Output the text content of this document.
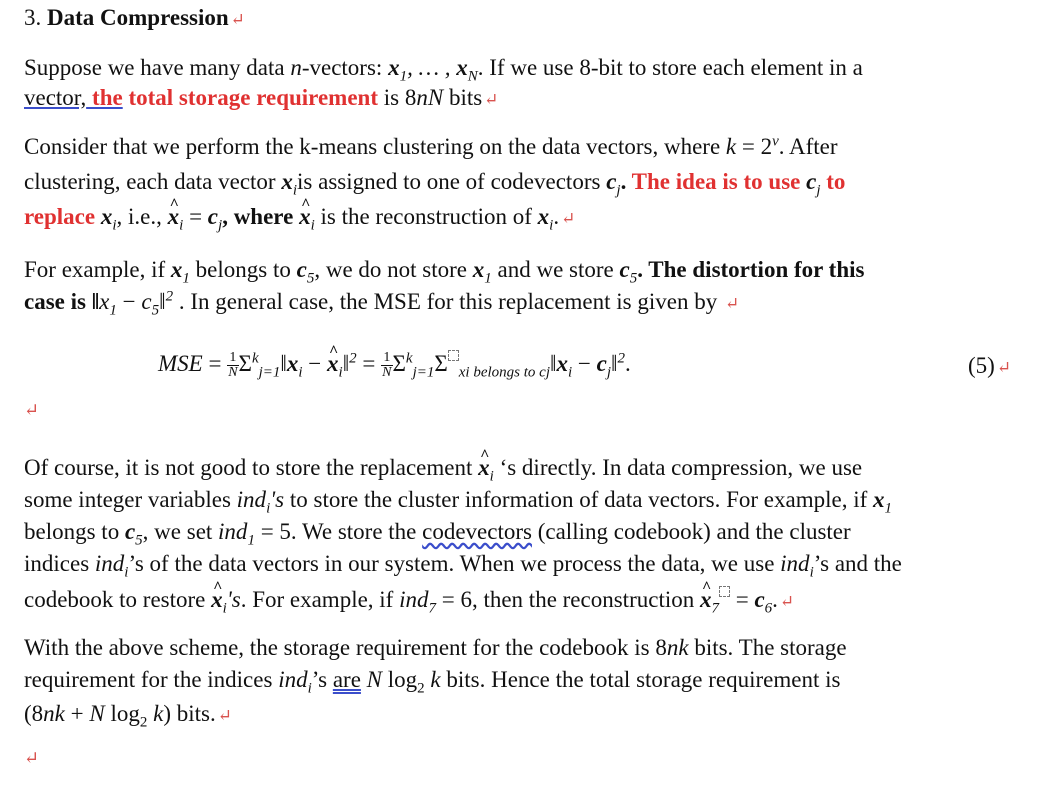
3. Data Compression ↵
Suppose we have many data n-vectors: $x_1$, … , $x_N$. If we use 8-bit to store each element in a
vector, the total storage requirement is 8nN bits ↵
Consider that we perform the k-means clustering on the data vectors, where $k = 2^v$. After
clustering, each data vector $x_iis$ assigned to one of codevectors $c_j$. The idea is to use $c_j$ to
replace $x_i$, i.e., ^ $x_i = c_j$, where ^ $x_i$ is the reconstruction of $x_i$. ↵
For example, if $x_1$ belongs to $c_5$, we do not store $x_1$ and we store $c_5$. The distortion for this
case is $‖x_1$ − $c_5‖^2$ . In general case, the MSE for this replacement is given by ↵
MSE = $\frac{1}{N}$ $\Sigma^k_{j=1}‖x_i$ − ^ $x_i‖^2 = \frac{1}{N} \Sigma^k_{j=1}\Sigma$ $_{xi belongs to cj}‖x_i$ − $c_j‖^2$.	(5) ↵
↵
Of course, it is not good to store the replacement ^ $x_i$ ‘s directly. In data compression, we use
some integer variables ind$_i$'s to store the cluster information of data vectors. For example, if $x_1$
belongs to $c_5$, we set ind$_1$ = 5. We store the codevectors (calling codebook) and the cluster
indices ind$_i$’s of the data vectors in our system. When we process the data, we use ind$_i$’s and the
codebook to restore ^ $x_i's$. For example, if ind$_7$ = 6, then the reconstruction ^ $x_7 = c_6$. ↵
With the above scheme, the storage requirement for the codebook is 8nk bits. The storage
requirement for the indices ind$_i$’s are N $\log_2 k$ bits. Hence the total storage requirement is
(8nk + N $\log_2 k$) bits. ↵
↵
